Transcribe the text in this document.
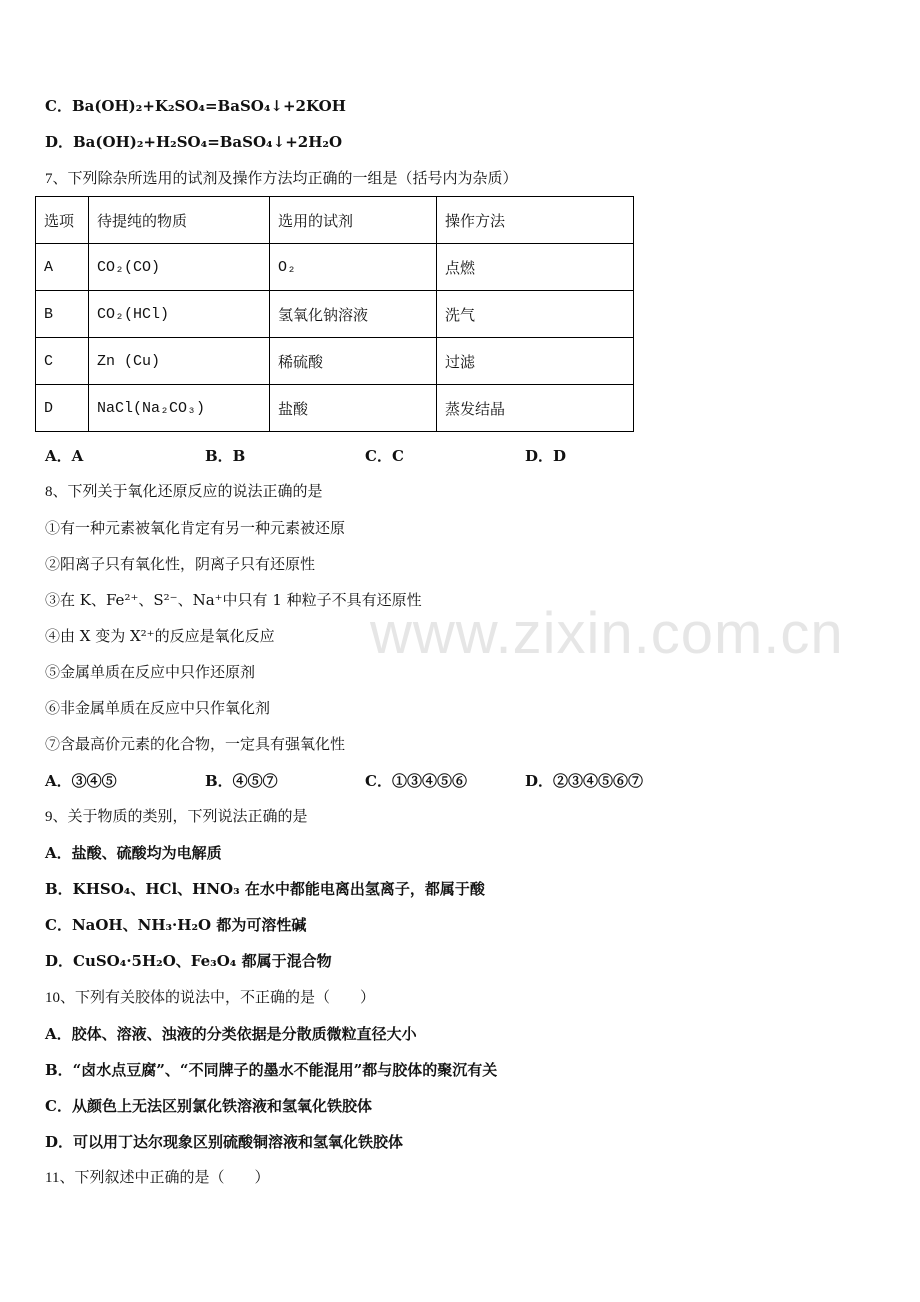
www.zixin.com.cn
C．Ba(OH)₂+K₂SO₄=BaSO₄↓+2KOH
D．Ba(OH)₂+H₂SO₄=BaSO₄↓+2H₂O
7、下列除杂所选用的试剂及操作方法均正确的一组是（括号内为杂质）
选项	待提纯的物质	选用的试剂	操作方法
A	CO₂(CO)	O₂	点燃
B	CO₂(HCl)	氢氧化钠溶液	洗气
C	Zn (Cu)	稀硫酸	过滤
D	NaCl(Na₂CO₃)	盐酸	蒸发结晶
A．A	B．B	C．C	D．D
8、下列关于氧化还原反应的说法正确的是
①有一种元素被氧化肯定有另一种元素被还原
②阳离子只有氧化性，阴离子只有还原性
③在 K、Fe²⁺、S²⁻、Na⁺中只有 1 种粒子不具有还原性
④由 X 变为 X²⁺的反应是氧化反应
⑤金属单质在反应中只作还原剂
⑥非金属单质在反应中只作氧化剂
⑦含最高价元素的化合物，一定具有强氧化性
A．③④⑤	B．④⑤⑦	C．①③④⑤⑥	D．②③④⑤⑥⑦
9、关于物质的类别，下列说法正确的是
A．盐酸、硫酸均为电解质
B．KHSO₄、HCl、HNO₃ 在水中都能电离出氢离子，都属于酸
C．NaOH、NH₃·H₂O 都为可溶性碱
D．CuSO₄·5H₂O、Fe₃O₄ 都属于混合物
10、下列有关胶体的说法中，不正确的是（　　）
A．胶体、溶液、浊液的分类依据是分散质微粒直径大小
B．“卤水点豆腐”、“不同牌子的墨水不能混用”都与胶体的聚沉有关
C．从颜色上无法区别氯化铁溶液和氢氧化铁胶体
D．可以用丁达尔现象区别硫酸铜溶液和氢氧化铁胶体
11、下列叙述中正确的是（　　）
